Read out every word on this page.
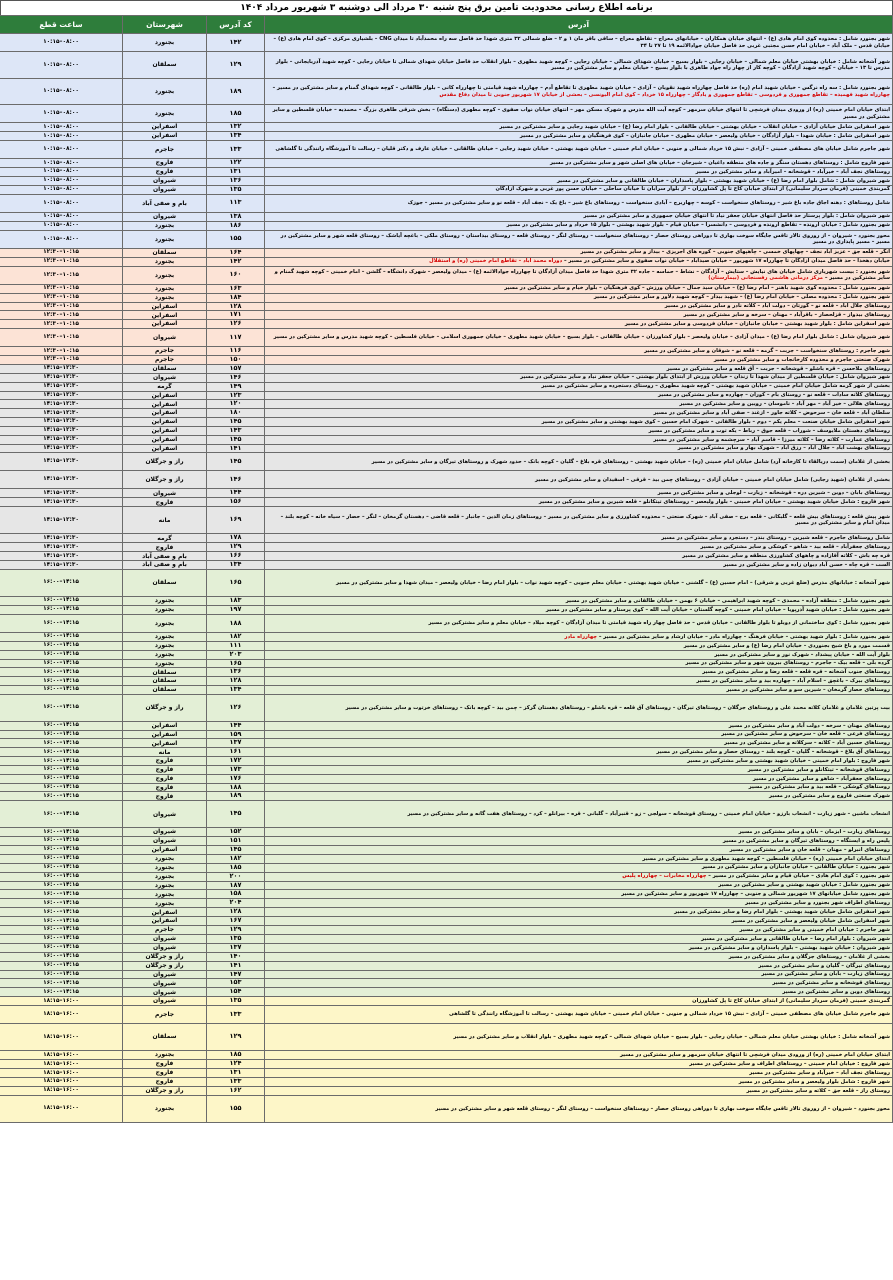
برنامه اطلاع رسانی محدودیت تامین برق پنج شنبه ۳۰ مرداد الی دوشنبه ۳ شهریور مرداد ۱۴۰۴
آدرس	کد آدرس	شهرستان	ساعت قطع
شهر بجنورد شامل : محدوده کوی امام هادی (ع) – انتهای خیابان همکاران – خیابانهای معراج – تقاطع معراج – ساقی باقر مان ۱ و ۲ – ضلع شمالی ۳۲ متری شهدا حد فاصل سه راه محمدآباد تا میدان CNG – بلشیاری مرکزی – کوی امام هادی (ع) – خیابان قدس – ملک آباد – خیابان امام حسن مجتبی غربی حد فاصل خیابان جوادالائمه ۱۹ تا ۲۷ تا ۳۴	۱۴۲	بجنورد	۰۸:۰۰–۱۰:۱۵
شهر آشخانه شامل : خیابان بهشتی خیابان معلم شمالی – خیابان رجایی – بلوار بسیج – خیابان شهدای شمالی – خیابان رجایی – کوچه شهید مطهری – بلوار انقلاب حد فاصل خیابان شهدای شمالی تا خیابان رجایی – کوچه شهید آذربایجانی – بلوار مدرس تا ۱۳ – خیابان – کوچه شهید آزادگان – کوچه کار از چهار راه جواد طاهری با بلوار بسیج – خیابان معلم و سایر مشترکین در مسیر	۱۲۹	سملقان	۰۸:۰۰–۱۰:۱۵
شهر بجنورد شامل : سه راه نرگس – خیابان شهید امام (ره) حد فاصل چهارراه شهید نقویان – آزادی – خیابان شهید مطهری تا تقاطع آدم – چهارراه شهید قیامتی تا چهارراه کانی – بلوار طالقانی – کوچه شهدای گمنام و سایر مشترکین در مسیر – چهارراه شهید فهمیده – تقاطع جمهوری و فردوسی – تقاطع جمهوری و یادگار – چهارراه ۱۵ خرداد – کوی امام الیونسی – بحشی از خیابان ۱۷ شهریور جنوبی تا میدان دفاع مقدس	۱۸۹	بجنورد	۰۸:۰۰–۱۰:۱۵
ابتدای خیابان امام خمینی (ره) از ورودی میدان فرشچی تا انتهای خیابان سرمهر – کوچه آیت الله مدرس و شهرک مسکن مهر – انتهای خیابان نواب صفوی – کوچه مطهری (دستگاه) – بخش شرقی طاهری بزرگ – محمدیه – خیابان فلسطین و سایر مشترکین در مسیر	۱۸۵	بجنورد	۰۸:۰۰–۱۰:۱۵
شهر اسفراین شامل خیابان آزادی – خیابان انقلاب – خیابان بهشتی – خیابان طالقانی – بلوار امام رضا (ع) – خیابان شهید رجایی و سایر مشترکین در مسیر	۱۳۲	اسفراین	۰۸:۰۰–۱۰:۱۵
شهر اسفراین شامل : خیابان شهدا – بلوار آزادگان – خیابان ولیعصر – خیابان مطهری – خیابان جانبازان – کوی فرهنگیان و سایر مشترکین در مسیر	۱۳۴	اسفراین	۰۸:۰۰–۱۰:۱۵
شهر جاجرم شامل خیابان های مصطفی خمینی – آزادی – نبش ۱۵ خرداد شمالی و جنوبی – خیابان امام خمینی – خیابان شهید بهشتی – خیابان شهید رجایی – خیابان طالقانی – خیابان عارف و دکتر قلیان – رسالت تا آموزشگاه رانندگی تا گلشاهی	۱۳۳	جاجرم	۰۸:۰۰–۱۰:۱۵
شهر فاروج شامل : روستاهای دهستان سنگر و جاده های منطقه داغیان – شیرجان – خیابان های اصلی شهر و سایر مشترکین در مسیر	۱۲۲	فاروج	۰۸:۰۰–۱۰:۱۵
روستاهای نجف آباد – خیرآباد – قوشخانه – امیرآباد و سایر مشترکین در مسیر	۱۳۱	فاروج	۰۸:۰۰–۱۰:۱۵
شهر شیروان شامل : شامل بلوار امام رضا (ع) – خیابان شهید بهشتی – بلوار پاسداران – خیابان طالقانی و سایر مشترکین در مسیر	۱۳۶	شیروان	۰۸:۰۰–۱۰:۱۵
گمربندی خمینی (فرمان سردار سلیمانی) از ابتدای خیابان کاخ تا پل کشاورزان – از بلوار سرابان تا خیابان ساحلی – خیابان حسن پور غربی و شهرک آزادگان	۱۳۵	شیروان	۰۸:۰۰–۱۰:۱۵
شامل روستاهای : دهنه اجاق جاده باغ شیر – روستاهای سنخواست – کوسه – چهاربرج – آبادی سنخواست – روستاهای باغ شیر – باغ یک – نجف آباد – قلعه نو و سایر مشترکین در مسیر – جوزک	۱۱۳	بام و صفی آباد	۰۸:۰۰–۱۰:۱۵
شهر شیروان شامل : بلوار پرستار حد فاصل انتهای خیابان جعفر نیاد تا انتهای خیابان جمهوری و سایر مشترکین در مسیر	۱۳۸	شیروان	۰۸:۰۰–۱۰:۱۵
شهر بجنورد شامل : خیابان ارونده – تقاطع ارونده و فردوسی – دانشسرا – خیابان قیام – بلوار شهید بهشتی – بلوار ۱۵ خرداد و سایر مشترکین در مسیر	۱۸۶	بجنورد	۰۸:۰۰–۱۰:۱۵
محور بجنورد – شیروان – از روروی تالار تاقس جایگاه سوخت بهاری تا دوراهی روستای حصار – روستاهای سنخواست – روستای لنگر – روستای قلعه – روستای بیداستان – روستای ملکی – باغچه آیاشک – روستای قلعه شهر و سایر مشترکین در مسیر – مسیر پایداری در مسیر	۱۵۵	بجنورد	۰۸:۰۰–۱۰:۱۵
انگر – قلعه جق – عزیز آباد نجف – چهاپهای خمسی – چاهپهای جنوبی – کوره های آجرپزی – بیداز و سایر مشترکین در مسیر	۱۶۴	سملقان	۱۰:۱۵–۱۲:۳۰
خیابان دهخدا – حد فاصل میدان آزادگان تا چهارراه ۱۷ شهریور – خیابان صیدآباد – خیابان نواب صفوی و سایر مشترکین در مسیر – دوراه محمد آباد – تقاطع امام خمینی (ره) و استقلال	۱۴۲	بجنورد	۱۰:۱۵–۱۲:۳۰
شهر بجنورد : بیست شهریاری شامل خیابان های نیایش – ستایش – آزادگان – نشاط – حماسه – جاده ۳۲ متری شهدا حد فاصل میدان آزادگان تا چهارراه جوادالائمه (ع) – میدان ولیعصر – شهرک دانشگاه – گلشن – امام خمینی – کوچه شهید گمنام و سایر مشترکین در مسیر – مرکز درمانی هاشمی رفسنجانی (بیمارستان)	۱۶۰	بجنورد	۱۰:۱۵–۱۲:۳۰
شهر بجنورد شامل : محدوده کوی شهید باهنر – امام رضا (ع) – خیابان سید جمال – خیابان ورزش – کوی فرهنگیان – بلوار خیام و سایر مشترکین در مسیر	۱۶۳	بجنورد	۱۰:۱۵–۱۲:۳۰
شهر بجنورد شامل : محدوده مصلی – خیابان امام رضا (ع) – شهید بیدار – کوچه شهید دلاور و سایر مشترکین در مسیر	۱۸۴	بجنورد	۱۰:۱۵–۱۲:۳۰
روستاهای جلال آباد – قلعه نو – گورتان – دولت آباد – کلاته نادر و سایر مشترکین در مسیر	۱۲۸	اسفراین	۱۰:۱۵–۱۲:۳۰
روستاهای بیدواز – قزلحصار – باقرآباد – مهنان – سرخه و سایر مشترکین در مسیر	۱۷۱	اسفراین	۱۰:۱۵–۱۲:۳۰
شهر اسفراین شامل : بلوار شهید بهشتی – خیابان جانبازان – خیابان فردوسی و سایر مشترکین در مسیر	۱۲۶	اسفراین	۱۰:۱۵–۱۲:۳۰
شهر شیروان شامل : شامل بلوار امام رضا (ع) – میدان آزادی – خیابان ولیعصر – بلوار کشاورزان – خیابان طالقانی – بلوار بسیج – خیابان شهید مطهری – خیابان جمهوری اسلامی – خیابان فلسطین – کوچه شهید مدرس و سایر مشترکین در مسیر	۱۱۷	شیروان	۱۰:۱۵–۱۲:۳۰
شهر جاجرم : روستاهای سنخواست – جربت – گرمه – قلعه نو – شوقان و سایر مشترکین در مسیر	۱۱۶	جاجرم	۱۰:۱۵–۱۲:۳۰
شهرک صنعتی جاجرم و محدوده کارخانجات و سایر مشترکین در مسیر	۱۵۰	جاجرم	۱۰:۱۵–۱۲:۳۰
روستاهای ملاحسن – قره باشلو – قوشخانه – جربت – آق قلعه و سایر مشترکین در مسیر	۱۵۷	سملقان	۱۲:۳۰–۱۴:۱۵
شهر شیروان شامل : خیابان فلسطین از میدان شهدا تا زندان – خیابان ورزش از ابتدای بلوار بهشتی – خیابان جعفر نیاد و سایر مشترکین در مسیر	۱۴۶	شیروان	۱۲:۳۰–۱۴:۱۵
بخشی از شهر گرمه شامل خیابان امام خمینی – خیابان شهید بهشتی – کوچه شهید مطهری – روستای دستجرده و سایر مشترکین در مسیر	۱۴۹	گرمه	۱۲:۳۰–۱۴:۱۵
روستاهای کلاته سادات – قلعه نو – روستای بام – کوران – چهارده و سایر مشترکین در مسیر	۱۲۳	اسفراین	۱۲:۳۰–۱۴:۱۵
روستاهای هلالی – خیر آباد – مهر آباد – ناموسان – رویین و سایر مشترکین در مسیر	۱۲۰	اسفراین	۱۲:۳۰–۱۴:۱۵
سلطان آباد – قلعه خان – سرحوض – کلاته جاور – ازغند – صفی آباد و سایر مشترکین در مسیر	۱۸۰	اسفراین	۱۲:۳۰–۱۴:۱۵
شهر اسفراین شامل خیابان صنعت – معلم یکم – دوم – بلوار طالقانی – شهرک امام حسین – کوی شهید بهشتی و سایر مشترکین در مسیر	۱۴۵	اسفراین	۱۲:۳۰–۱۴:۱۵
روستاهای دهستان ملایوسف – شوراب – قلعه جوق – رباط – یکه توت و سایر مشترکین در مسیر	۱۴۳	اسفراین	۱۲:۳۰–۱۴:۱۵
روستاهای عمارت – کلاته رضا – کلاته میرزا – قاسم آباد – سرچشمه و سایر مشترکین در مسیر	۱۴۵	اسفراین	۱۲:۳۰–۱۴:۱۵
روستاهای بهشت آباد – جلال آباد – رزق آباد – شهرک بهار و سایر مشترکین در مسیر	۱۴۱	اسفراین	۱۲:۳۰–۱۴:۱۵
بخشی از غلامان (سمت دربالقاء تا کارخانه آرد) شامل خیابان امام خمینی (ره) – خیابان شهید بهشتی – روستاهای قره بلاغ – گلیان – کوچه بانک – حدود شهرک و روستاهای تیرگان و سایر مشترکین در مسیر	۱۴۵	راز و جرگلان	۱۲:۳۰–۱۴:۱۵
بخشی از غلامان (شهید رجایی) شامل خیابان امام خمینی – خیابان آزادی – روستاهای چمن بید – قرقی – اسفیدان و سایر مشترکین در مسیر	۱۴۶	راز و جرگلان	۱۲:۳۰–۱۴:۱۵
روستاهای بابان – دوین – شیرین دره – قوشخانه – زیارت – لوجلی و سایر مشترکین در مسیر	۱۴۴	شیروان	۱۲:۳۰–۱۴:۱۵
شهر فاروج : شامل خیابان شهید بهشتی – خیابان امام خمینی – بلوار ولیعصر – روستاهای تیتکانلو – قلعه شیرین و سایر مشترکین در مسیر	۱۵۶	فاروج	۱۲:۳۰–۱۴:۱۵
شهر پیش قلعه : روستاهای بیش قلعه – گلبکانی – قلعه برج – صفی آباد – شهرک صنعتی – محدوده کشاورزی و سایر مشترکین در مسیر – روستاهای زمان الدین – جانبار – قلعه قاضی – دهستان گرمخان – لنگر – حصار – سیاه خانه – کوچه بلند – میدان امام و سایر مشترکین در مسیر	۱۶۹	مانه	۱۲:۳۰–۱۴:۱۵
شامل روستاهای جاجرم – قلعه شیرین – روستای بندر – دستجرد و سایر مشترکین در مسیر	۱۷۸	گرمه	۱۲:۳۰–۱۴:۱۵
روستاهای جعفرآباد – قلعه بید – شاهو – کوشکی و سایر مشترکین در مسیر	۱۲۹	فاروج	۱۲:۳۰–۱۴:۱۵
قره چه باش – کلاته آقازاده و چاههای کشاورزی منطقه و سایر مشترکین در مسیر	۱۶۶	بام و صفی آباد	۱۲:۳۰–۱۴:۱۵
الست – قره چاه – حسن آباد دیوان زاده و سایر مشترکین در مسیر	۱۳۴	بام و صفی آباد	۱۲:۳۰–۱۴:۱۵
شهر آشخانه : خیابانهای مدرس (ضلع غربی و شرقی) – امام حسین (ع) – گلشنی – خیابان شهید بهشتی – خیابان معلم جنوبی – کوچه شهید نواب – بلوار امام رضا – خیابان ولیعصر – میدان شهدا و سایر مشترکین در مسیر	۱۶۵	سملقان	۱۴:۱۵–۱۶:۰۰
شهر بجنورد شامل : منطقه آزاده – محمدی – کوچه شهید ابراهیمی – خیابان ۶ بهمن – خیابان طالقانی و سایر مشترکین در مسیر	۱۸۳	بجنورد	۱۴:۱۵–۱۶:۰۰
شهر بجنورد شامل : خیابان شهید آذرپویا – خیابان امام خمینی – کوچه گلستان – خیابان آیت الله – کوی پرستار و سایر مشترکین در مسیر	۱۹۷	بجنورد	۱۴:۱۵–۱۶:۰۰
شهر بجنورد شامل : کوی ساختمانی از دوبلو تا بلوار طالقانی – خیابان قدس – حد فاصل چهار راه شهید قیامتی تا میدان آزادگان – کوچه میلاد – خیابان معلم و سایر مشترکین در مسیر	۱۸۸	بجنورد	۱۴:۱۵–۱۶:۰۰
شهر بجنورد شامل : بلوار شهید بهشتی – خیابان فرهنگ – چهارراه مادر – خیابان ارشاد و سایر مشترکین در مسیر – چهارراه مادر	۱۸۲	بجنورد	۱۴:۱۵–۱۶:۰۰
قسمت مورد و باغ شیخ بجنوردی – خیابان امام رضا (ع) و سایر مشترکین در مسیر	۱۱۱	بجنورد	۱۴:۱۵–۱۶:۰۰
بلوار آیت الله – خیابان پیشداد – شهرک نور و سایر مشترکین در مسیر	۲۰۳	بجنورد	۱۴:۱۵–۱۶:۰۰
گرده بلی – قلعه بیک – جاجرم – روستاهای بیرون شهر و سایر مشترکین در مسیر	۱۶۵	بجنورد	۱۴:۱۵–۱۶:۰۰
روستاهای جنوب آشخانه – قره قلعه – قلعه رضا و سایر مشترکین در مسیر	۱۳۶	سملقان	۱۴:۱۵–۱۶:۰۰
روستاهای بیرک – باغچق – اسلام آباد – چهارده بید و سایر مشترکین در مسیر	۱۲۸	سملقان	۱۴:۱۵–۱۶:۰۰
روستاهای حصار گرمخان – شیرین سو و سایر مشترکین در مسیر	۱۳۴	سملقان	۱۴:۱۵–۱۶:۰۰
بیت پرتین غلامان و غلامان کلاته محمد علی و روستاهای جرگلان – روستاهای تیرگان – روستاهای آق قلعه – قره باشلو – روستاهای دهستان گرکز – چمن بید – کوچه بانک – روستاهای خرتوت و سایر مشترکین در مسیر	۱۲۶	راز و جرگلان	۱۴:۱۵–۱۶:۰۰
روستاهای مهنان – سرخه – دولت آباد و سایر مشترکین در مسیر	۱۴۴	اسفراین	۱۴:۱۵–۱۶:۰۰
روستاهای فرعی – قلعه خان – سرحوض و سایر مشترکین در مسیر	۱۵۹	اسفراین	۱۴:۱۵–۱۶:۰۰
روستاهای حسین آباد – کلاته – سرکلاته و سایر مشترکین در مسیر	۱۳۷	اسفراین	۱۴:۱۵–۱۶:۰۰
روستاهای آق بلاغ – قوشخانه – گلیان – کوچه بلند – روستای حصار و سایر مشترکین در مسیر	۱۶۱	مانه	۱۴:۱۵–۱۶:۰۰
شهر فاروج : بلوار امام خمینی – خیابان شهید بهشتی و سایر مشترکین در مسیر	۱۷۲	فاروج	۱۴:۱۵–۱۶:۰۰
روستاهای قوشخانه – تیتکانلو و سایر مشترکین در مسیر	۱۷۳	فاروج	۱۴:۱۵–۱۶:۰۰
روستاهای جعفرآباد – شاهو و سایر مشترکین در مسیر	۱۷۶	فاروج	۱۴:۱۵–۱۶:۰۰
روستاهای کوشکی – قلعه بید و سایر مشترکین در مسیر	۱۸۸	فاروج	۱۴:۱۵–۱۶:۰۰
شهرک صنعتی فاروج و سایر مشترکین در مسیر	۱۸۹	فاروج	۱۴:۱۵–۱۶:۰۰
انشعاب ماشین – شهر زیارت – انشعاب بارزو – خیابان امام خمینی – روستای قوشخانه – سولجی – زو – قنبرآباد – گلبانی – قره – بیرانلو – کرد – روستاهای هفت گانه و سایر مشترکین در مسیر	۱۴۵	شیروان	۱۴:۱۵–۱۶:۰۰
روستاهای زیارت – ایزمان – بابان و سایر مشترکین در مسیر	۱۵۲	شیروان	۱۴:۱۵–۱۶:۰۰
پلیس راه و ایستگاه – روستاهای تیرگان و سایر مشترکین در مسیر	۱۵۱	شیروان	۱۴:۱۵–۱۶:۰۰
روستاهای انبرلو – مهنان – قلعه خان و سایر مشترکین در مسیر	۱۴۵	اسفراین	۱۴:۱۵–۱۶:۰۰
ابتدای خیابان امام خمینی (ره) – خیابان فلسطین – کوچه شهید مطهری و سایر مشترکین در مسیر	۱۸۲	بجنورد	۱۴:۱۵–۱۶:۰۰
شهر بجنورد : خیابان طالقانی – خیابان جانبازان و سایر مشترکین در مسیر	۱۸۵	بجنورد	۱۴:۱۵–۱۶:۰۰
شهر بجنورد : کوی امام هادی – خیابان قیام و سایر مشترکین در مسیر – چهارراه مخابرات – چهارراه پلیس	۲۰۰	بجنورد	۱۴:۱۵–۱۶:۰۰
شهر بجنورد شامل : خیابان شهید بهشتی و سایر مشترکین در مسیر	۱۸۷	بجنورد	۱۴:۱۵–۱۶:۰۰
شهر بجنورد شامل خیابانهای ۱۷ شهریور شمالی و جنوبی – چهارراه ۱۷ شهریور و سایر مشترکین در مسیر	۱۵۸	بجنورد	۱۴:۱۵–۱۶:۰۰
روستاهای اطراف شهر بجنورد و سایر مشترکین در مسیر	۲۰۴	بجنورد	۱۴:۱۵–۱۶:۰۰
شهر اسفراین شامل خیابان شهید بهشتی – بلوار امام رضا و سایر مشترکین در مسیر	۱۲۸	اسفراین	۱۴:۱۵–۱۶:۰۰
شهر اسفراین شامل خیابان ولیعصر و سایر مشترکین در مسیر	۱۶۷	اسفراین	۱۴:۱۵–۱۶:۰۰
شهر جاجرم : خیابان امام خمینی و سایر مشترکین در مسیر	۱۲۹	جاجرم	۱۴:۱۵–۱۶:۰۰
شهر شیروان : بلوار امام رضا – خیابان طالقانی و سایر مشترکین در مسیر	۱۳۵	شیروان	۱۴:۱۵–۱۶:۰۰
شهر شیروان : خیابان شهید بهشتی – بلوار پاسداران و سایر مشترکین در مسیر	۱۳۷	شیروان	۱۴:۱۵–۱۶:۰۰
بخشی از غلامان – روستاهای جرگلان و سایر مشترکین در مسیر	۱۴۰	راز و جرگلان	۱۴:۱۵–۱۶:۰۰
روستاهای تیرگان – گلیان و سایر مشترکین در مسیر	۱۴۱	راز و جرگلان	۱۴:۱۵–۱۶:۰۰
روستاهای زیارت – بابان و سایر مشترکین در مسیر	۱۴۷	شیروان	۱۴:۱۵–۱۶:۰۰
روستاهای قوشخانه و سایر مشترکین در مسیر	۱۵۳	شیروان	۱۴:۱۵–۱۶:۰۰
روستاهای دوین و سایر مشترکین در مسیر	۱۵۴	شیروان	۱۴:۱۵–۱۶:۰۰
گمربندی خمینی (فرمان سردار سلیمانی) از ابتدای خیابان کاخ تا پل کشاورزان	۱۳۵	شیروان	۱۶:۰۰–۱۸:۱۵
شهر جاجرم شامل خیابان های مصطفی خمینی – آزادی – نبش ۱۵ خرداد شمالی و جنوبی – خیابان امام خمینی – خیابان شهید بهشتی – رسالت تا آموزشگاه رانندگی تا گلشاهی	۱۳۳	جاجرم	۱۶:۰۰–۱۸:۱۵
شهر آشخانه شامل : خیابان بهشتی خیابان معلم شمالی – خیابان رجایی – بلوار بسیج – خیابان شهدای شمالی – کوچه شهید مطهری – بلوار انقلاب و سایر مشترکین در مسیر	۱۲۹	سملقان	۱۶:۰۰–۱۸:۱۵
ابتدای خیابان امام خمینی (ره) از ورودی میدان فرشچی تا انتهای خیابان سرمهر و سایر مشترکین در مسیر	۱۸۵	بجنورد	۱۶:۰۰–۱۸:۱۵
شهر فاروج : خیابان امام خمینی – روستاهای اطراف و سایر مشترکین در مسیر	۱۲۴	فاروج	۱۶:۰۰–۱۸:۱۵
روستاهای نجف آباد – خیرآباد و سایر مشترکین در مسیر	۱۳۱	فاروج	۱۶:۰۰–۱۸:۱۵
شهر فاروج : شامل بلوار ولیعصر و سایر مشترکین در مسیر	۱۳۳	فاروج	۱۶:۰۰–۱۸:۱۵
روستای راز – قلعه جق – کلاته و سایر مشترکین در مسیر	۱۶۲	راز و جرگلان	۱۶:۰۰–۱۸:۱۵
محور بجنورد – شیروان – از روروی تالار تاقس جایگاه سوخت بهاری تا دوراهی روستای حصار – روستاهای سنخواست – روستای لنگر – روستای قلعه شهر و سایر مشترکین در مسیر	۱۵۵	بجنورد	۱۶:۰۰–۱۸:۱۵
